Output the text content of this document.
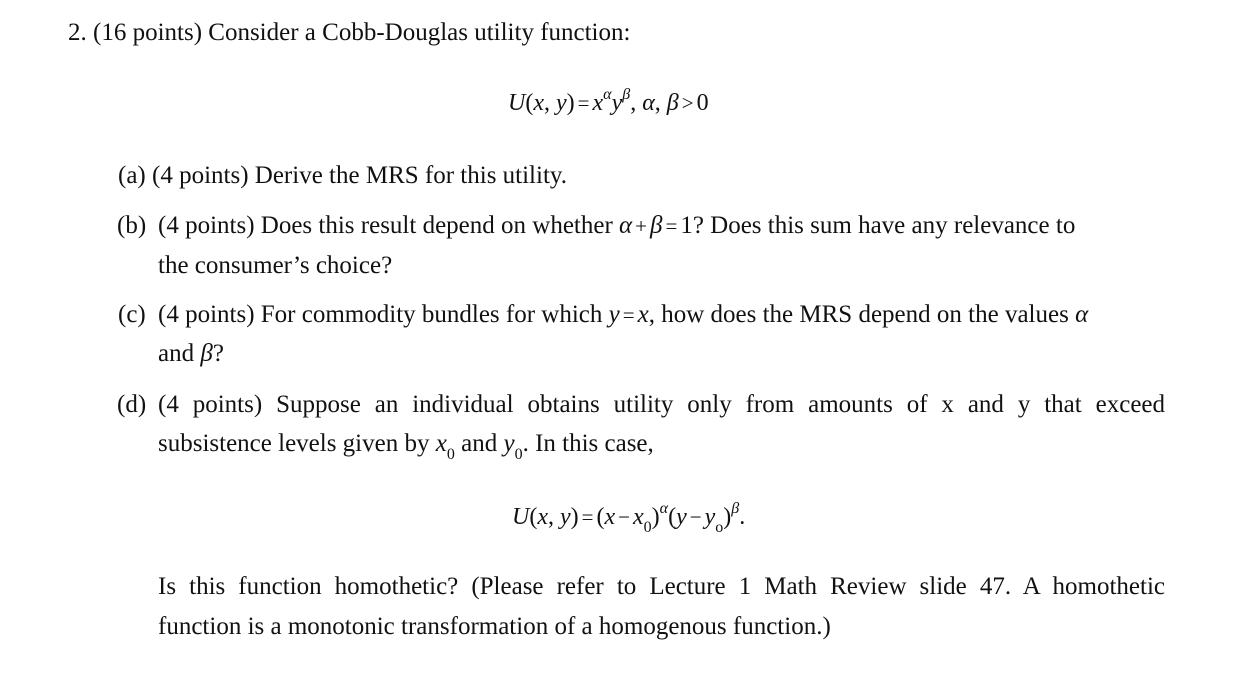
2. (16 points) Consider a Cobb-Douglas utility function:
U(x, $y) = x^\alpha y^\beta$, α, β > 0
(a) (4 points) Derive the MRS for this utility.
(b) (4 points) Does this result depend on whether α + β = 1? Does this sum have any relevance to
the consumer’s choice?
(c) (4 points) For commodity bundles for which y = x, how does the MRS depend on the values α
and β?
(d) (4 points) Suppose an individual obtains utility only from amounts of x and y that exceed
subsistence levels given by $x_0$ and $y_0$. In this case,
U(x, $y) = (x - x_0)^\alpha(y - y_o)^\beta$.
Is this function homothetic? (Please refer to Lecture 1 Math Review slide 47. A homothetic
function is a monotonic transformation of a homogenous function.)
